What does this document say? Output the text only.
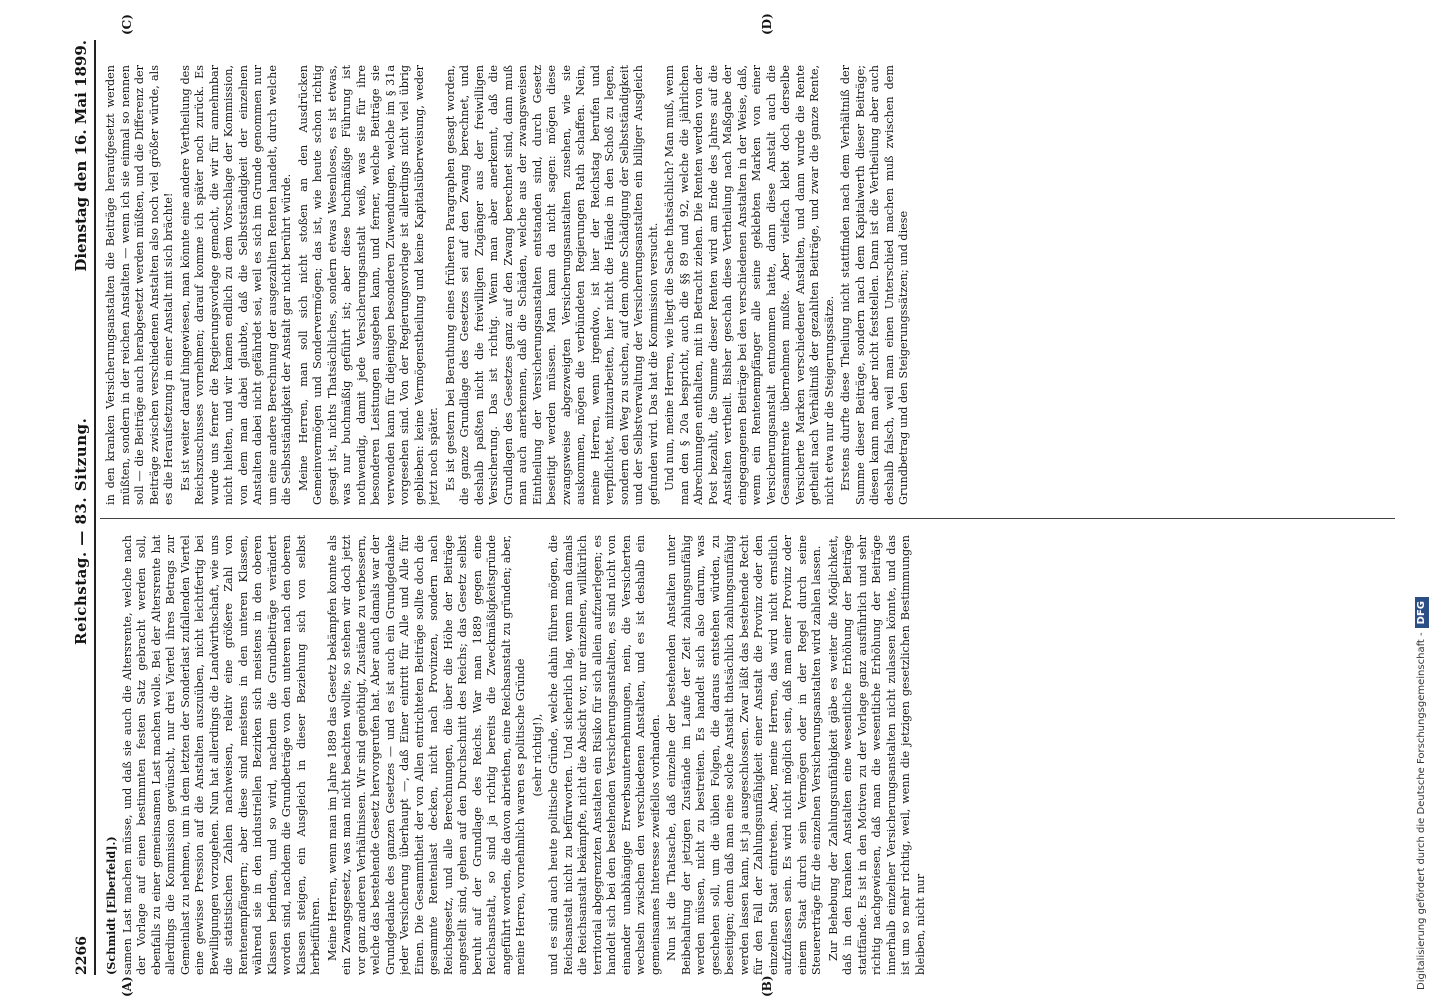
2266
Reichstag. — 83. Sitzung.
Dienstag den 16. Mai 1899.
(A)	(B)
(C)	(D)

(Schmidt [Elberfeld].) samen Last machen müsse, und daß sie auch die Altersrente, welche nach der Vorlage auf einen bestimmten festen Satz gebracht werden soll, ebenfalls zu einer gemeinsamen Last machen wolle. Bei der Altersrente hat allerdings die Kommission gewünscht, nur drei Viertel ihres Betrags zur Gemeinlast zu nehmen, um in dem letzten der Sonderlast zufallenden Viertel eine gewisse Pression auf die Anstalten auszuüben, nicht leichtfertig bei Bewilligungen vorzugehen. Nun hat allerdings die Landwirthschaft, wie uns die statistischen Zahlen nachweisen, relativ eine größere Zahl von Rentenempfängern; aber diese sind meistens in den unteren Klassen, während sie in den industriellen Bezirken sich meistens in den oberen Klassen befinden, und so wird, nachdem die Grundbeiträge verändert worden sind, nachdem die Grundbeträge von den unteren nach den oberen Klassen steigen, ein Ausgleich in dieser Beziehung sich von selbst herbeiführen. Meine Herren, wenn man im Jahre 1889 das Gesetz bekämpfen konnte als ein Zwangsgesetz, was man nicht beachten wollte, so stehen wir doch jetzt vor ganz anderen Verhältnissen. Wir sind genöthigt, Zustände zu verbessern, welche das bestehende Gesetz hervorgerufen hat. Aber auch damals war der Grundgedanke des ganzen Gesetzes — und es ist auch ein Grundgedanke jeder Versicherung überhaupt —, daß Einer eintritt für Alle und Alle für Einen. Die Gesammtheit der von Allen entrichteten Beiträge sollte doch die gesammte Rentenlast decken, nicht nach Provinzen, sondern nach Reichsgesetz, und alle Berechnungen, die über die Höhe der Beiträge angestellt sind, gehen auf den Durchschnitt des Reichs; das Gesetz selbst beruht auf der Grundlage des Reichs. War man 1889 gegen eine Reichsanstalt, so sind ja richtig bereits die Zweckmäßigkeitsgründe angeführt worden, die davon abriethen, eine Reichsanstalt zu gründen; aber, meine Herren, vornehmlich waren es politische Gründe (sehr richtig!), und es sind auch heute politische Gründe, welche dahin führen mögen, die Reichsanstalt nicht zu befürworten. Und sicherlich lag, wenn man damals die Reichsanstalt bekämpfte, nicht die Absicht vor, nur einzelnen, willkürlich territorial abgegrenzten Anstalten ein Risiko für sich allein aufzuerlegen; es handelt sich bei den bestehenden Versicherungsanstalten, es sind nicht von einander unabhängige Erwerbsunternehmungen, nein, die Versicherten wechseln zwischen den verschiedenen Anstalten, und es ist deshalb ein gemeinsames Interesse zweifellos vorhanden. Nun ist die Thatsache, daß einzelne der bestehenden Anstalten unter Beibehaltung der jetzigen Zustände im Laufe der Zeit zahlungsunfähig werden müssen, nicht zu bestreiten. Es handelt sich also darum, was geschehen soll, um die üblen Folgen, die daraus entstehen würden, zu beseitigen; denn daß man eine solche Anstalt thatsächlich zahlungsunfähig werden lassen kann, ist ja ausgeschlossen. Zwar läßt das bestehende Recht für den Fall der Zahlungsunfähigkeit einer Anstalt die Provinz oder den einzelnen Staat eintreten. Aber, meine Herren, das wird nicht ernstlich aufzufassen sein. Es wird nicht möglich sein, daß man einer Provinz oder einem Staat durch sein Vermögen oder in der Regel durch seine Steuererträge für die einzelnen Versicherungsanstalten wird zahlen lassen. Zur Behebung der Zahlungsunfähigkeit gäbe es weiter die Möglichkeit, daß in den kranken Anstalten eine wesentliche Erhöhung der Beiträge stattfände. Es ist in den Motiven zu der Vorlage ganz ausführlich und sehr richtig nachgewiesen, daß man die wesentliche Erhöhung der Beiträge innerhalb einzelner Versicherungsanstalten nicht zulassen könnte, und das ist um so mehr richtig, weil, wenn die jetzigen gesetzlichen Bestimmungen bleiben, nicht nur

in den kranken Versicherungsanstalten die Beiträge heraufgesetzt werden müßten, sondern in der reichen Anstalten — wenn ich sie einmal so nennen soll — die Beiträge auch herabgesetzt werden müßten, und die Differenz der Beiträge zwischen verschiedenen Anstalten also noch viel größer würde, als es die Heraufsetzung in einer Anstalt mit sich brächte! Es ist weiter darauf hingewiesen, man könnte eine andere Vertheilung des Reichszuschusses vornehmen; darauf komme ich später noch zurück. Es wurde uns ferner die Regierungsvorlage gemacht, die wir für annehmbar nicht hielten, und wir kamen endlich zu dem Vorschlage der Kommission, von dem man dabei glaubte, daß die Selbstständigkeit der einzelnen Anstalten dabei nicht gefährdet sei, weil es sich im Grunde genommen nur um eine andere Berechnung der ausgezahlten Renten handelt, durch welche die Selbstständigkeit der Anstalt gar nicht berührt würde. Meine Herren, man soll sich nicht stoßen an den Ausdrücken Gemeinvermögen und Sondervermögen; das ist, wie heute schon richtig gesagt ist, nichts Thatsächliches, sondern etwas Wesenloses, es ist etwas, was nur buchmäßig geführt ist; aber diese buchmäßige Führung ist nothwendig, damit jede Versicherungsanstalt weiß, was sie für ihre besonderen Leistungen ausgeben kann, und ferner, welche Beiträge sie verwenden kann für diejenigen besonderen Zuwendungen, welche im § 31a vorgesehen sind. Von der Regierungsvorlage ist allerdings nicht viel übrig geblieben: keine Vermögenstheilung und keine Kapitalsüberweisung, weder jetzt noch später. Es ist gestern bei Berathung eines früheren Paragraphen gesagt worden, die ganze Grundlage des Gesetzes sei auf den Zwang berechnet, und deshalb paßten nicht die freiwilligen Zugänger aus der freiwilligen Versicherung. Das ist richtig. Wenn man aber anerkennt, daß die Grundlagen des Gesetzes ganz auf den Zwang berechnet sind, dann muß man auch anerkennen, daß die Schäden, welche aus der zwangsweisen Eintheilung der Versicherungsanstalten entstanden sind, durch Gesetz beseitigt werden müssen. Man kann da nicht sagen: mögen diese zwangsweise abgezweigten Versicherungsanstalten zusehen, wie sie auskommen, mögen die verbündeten Regierungen Rath schaffen. Nein, meine Herren, wenn irgendwo, ist hier der Reichstag berufen und verpflichtet, mitzuarbeiten, hier nicht die Hände in den Schoß zu legen, sondern den Weg zu suchen, auf dem ohne Schädigung der Selbstständigkeit und der Selbstverwaltung der Versicherungsanstalten ein billiger Ausgleich gefunden wird. Das hat die Kommission versucht. Und nun, meine Herren, wie liegt die Sache thatsächlich? Man muß, wenn man den § 20a bespricht, auch die §§ 89 und 92, welche die jährlichen Abrechnungen enthalten, mit in Betracht ziehen. Die Renten werden von der Post bezahlt, die Summe dieser Renten wird am Ende des Jahres auf die Anstalten vertheilt. Bisher geschah diese Vertheilung nach Maßgabe der eingegangenen Beiträge bei den verschiedenen Anstalten in der Weise, daß, wenn ein Rentenempfänger alle seine geklebten Marken von einer Versicherungsanstalt entnommen hatte, dann diese Anstalt auch die Gesammtrente übernehmen mußte. Aber vielfach klebt doch derselbe Versicherte Marken verschiedener Anstalten, und dann wurde die Rente getheilt nach Verhältniß der gezahlten Beiträge, und zwar die ganze Rente, nicht etwa nur die Steigerungssätze. Erstens durfte diese Theilung nicht stattfinden nach dem Verhältniß der Summe dieser Beiträge, sondern nach dem Kapitalwerth dieser Beiträge; diesen kann man aber nicht feststellen. Dann ist die Vertheilung aber auch deshalb falsch, weil man einen Unterschied machen muß zwischen dem Grundbetrag und den Steigerungssätzen; und diese

Digitalisierung gefördert durch die Deutsche Forschungsgemeinschaft -DFG
